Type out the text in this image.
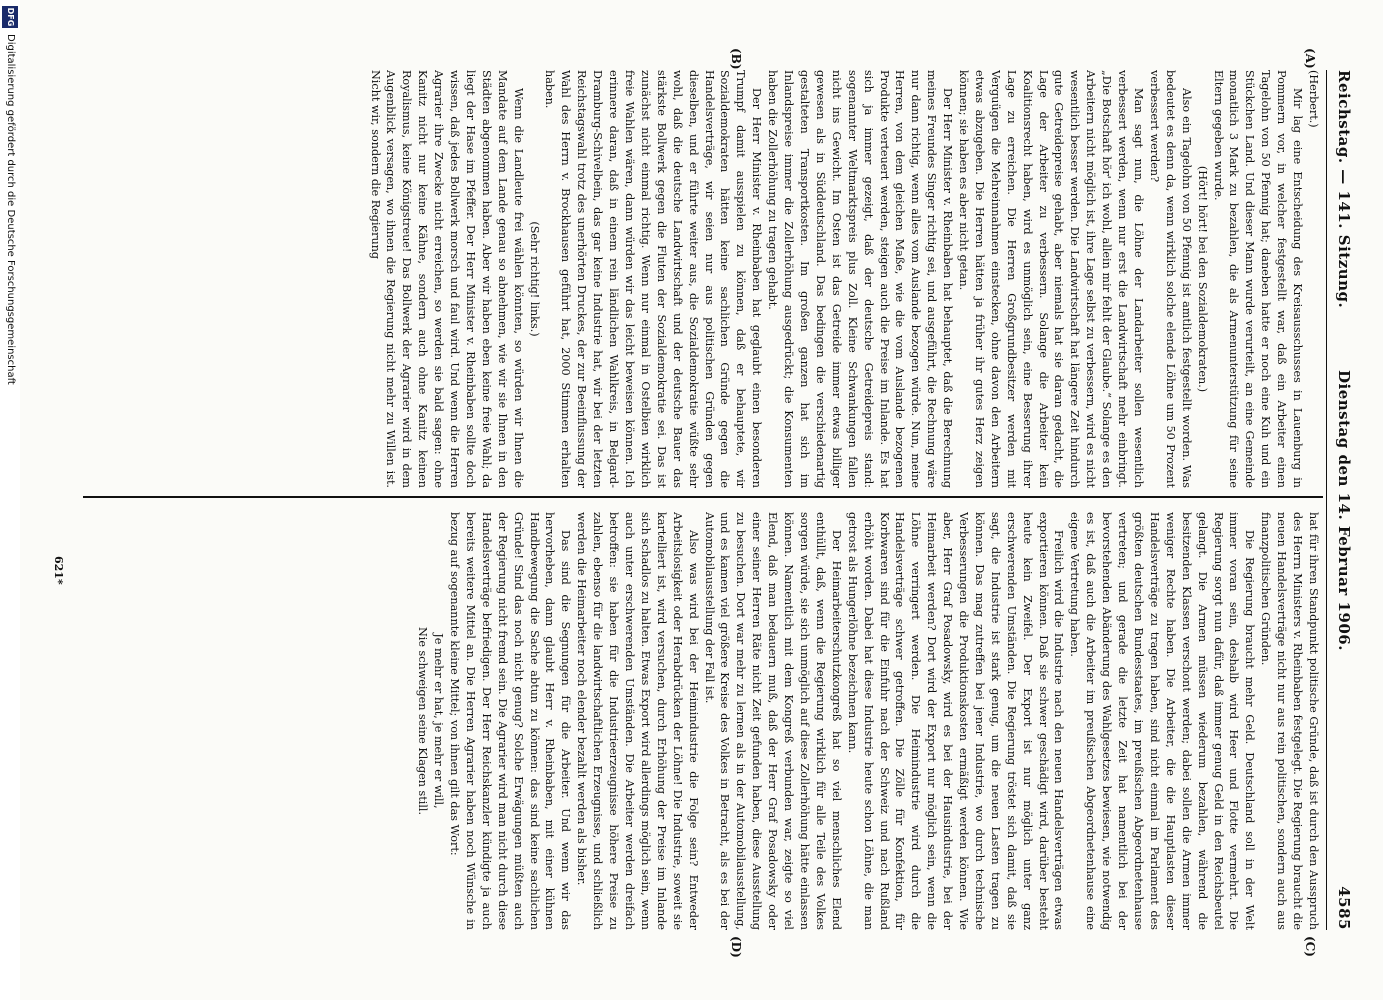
Reichstag. — 141. Sitzung.
Dienstag den 14. Februar 1906.
4585
(A)
(B)
(C)
(D)

(Herbert.)

Mir lag eine Entscheidung des Kreisausschusses in Lauenburg in Pommern vor, in welcher festgestellt war, daß ein Arbeiter einen Tagelohn von 50 Pfennig hat; daneben hatte er noch eine Kuh und ein Stückchen Land. Und dieser Mann wurde verurteilt, an eine Gemeinde monatlich 3 Mark zu bezahlen, die als Armenunterstützung für seine Eltern gegeben wurde.

(Hört! hört! bei den Sozialdemokraten.)

Also ein Tagelohn von 50 Pfennig ist amtlich festgestellt worden. Was bedeutet es denn da, wenn wirklich solche elende Löhne um 50 Prozent verbessert werden?

Man sagt nun, die Löhne der Landarbeiter sollen wesentlich verbessert werden, wenn nur erst die Landwirtschaft mehr einbringt. „Die Botschaft hör' ich wohl, allein mir fehlt der Glaube.“ Solange es den Arbeitern nicht möglich ist, ihre Lage selbst zu verbessern, wird es nicht wesentlich besser werden. Die Landwirtschaft hat längere Zeit hindurch gute Getreidepreise gehabt, aber niemals hat sie daran gedacht, die Lage der Arbeiter zu verbessern. Solange die Arbeiter kein Koalitionsrecht haben, wird es unmöglich sein, eine Besserung ihrer Lage zu erreichen. Die Herren Großgrundbesitzer werden mit Verguügen die Mehreinnahmen einstecken, ohne davon den Arbeitern etwas abzugeben. Die Herren hätten ja früher ihr gutes Herz zeigen können; sie haben es aber nicht getan.

Der Herr Minister v. Rheinbaben hat behauptet, daß die Berechnung meines Freundes Singer richtig sei, und ausgeführt, die Rechnung wäre nur dann richtig, wenn alles vom Auslande bezogen würde. Nun, meine Herren, von dem gleichen Maße, wie die vom Auslande bezogenen Produkte verteuert werden, steigen auch die Preise im Inlande. Es hat sich ja immer gezeigt, daß der deutsche Getreidepreis stand: sogenannter Weltmarktspreis plus Zoll. Kleine Schwankungen fallen nicht ins Gewicht. Im Osten ist das Getreide immer etwas billiger gewesen als in Süddeutschland. Das bedingen die verschiedenartig gestalteten Transportkosten. Im großen ganzen hat sich im Inlandspreise immer die Zollerhöhung ausgedrückt; die Konsumenten haben die Zollerhöhung zu tragen gehabt.

Der Herr Minister v. Rheinbaben hat geglaubt einen besonderen Trumpf damit ausspielen zu können, daß er behauptete, wir Sozialdemokraten hätten keine sachlichen Gründe gegen die Handelsverträge, wir seien nur aus politischen Gründen gegen dieselben, und er führte weiter aus, die Sozialdemokratie wüßte sehr wohl, daß die deutsche Landwirtschaft und der deutsche Bauer das stärkste Bollwerk gegen die Fluten der Sozialdemokratie sei. Das ist zunächst nicht einmal richtig. Wenn nur einmal in Ostelbien wirklich freie Wahlen wären, dann würden wir das leicht beweisen können. Ich erinnere daran, daß in einem rein ländlichen Wahlkreis, in Belgard-Dramburg-Schivelbein, das gar keine Industrie hat, wir bei der letzten Reichstagswahl trotz des unerhörten Druckes, der zur Beeinflussung der Wahl des Herrn v. Brockhausen geführt hat, 2000 Stimmen erhalten haben.

(Sehr richtig! links.)

Wenn die Landleute frei wählen könnten, so würden wir Ihnen die Mandate auf dem Lande genau so abnehmen, wie wir sie Ihnen in den Städten abgenommen haben. Aber wir haben eben keine freie Wahl; da liegt der Hase im Pfeffer. Der Herr Minister v. Rheinbaben sollte doch wissen, daß jedes Bollwerk morsch und faul wird. Und wenn die Herren Agrarier ihre Zwecke nicht erreichen, so werden sie bald sagen: ohne Kanitz nicht nur keine Kähne, sondern auch ohne Kanitz keinen Royalismus, keine Königstreue! Das Bollwerk der Agrarier wird in dem Augenblick versagen, wo ihnen die Regierung nicht mehr zu Willen ist. Nicht wir, sondern die Regierung

hat für ihren Standpunkt politische Gründe, daß ist durch den Ausspruch des Herrn Ministers v. Rheinbaben festgelegt. Die Regierung braucht die neuen Handelsverträge nicht nur aus rein politischen, sondern auch aus finanzpolitischen Gründen.

Die Regierung braucht mehr Geld. Deutschland soll in der Welt immer voran sein, deshalb wird Heer und Flotte vermehrt. Die Regierung sorgt nun dafür, daß immer genug Geld in den Reichsbeutel gelangt. Die Armen müssen wiederum bezahlen, während die besitzenden Klassen verschont werden; dabei sollen die Armen immer weniger Rechte haben. Die Arbeiter, die die Hauptlasten dieser Handelsverträge zu tragen haben, sind nicht einmal im Parlament des größten deutschen Bundesstaates, im preußischen Abgeordnetenhause vertreten; und gerade die letzte Zeit hat namentlich bei der bevorstehenden Abänderung des Wahlgesetzes bewiesen, wie notwendig es ist, daß auch die Arbeiter im preußischen Abgeordnetenhause eine eigene Vertretung haben.

Freilich wird die Industrie nach den neuen Handelsverträgen etwas exportieren können. Daß sie schwer geschädigt wird, darüber besteht heute kein Zweifel. Der Export ist nur möglich unter ganz erschwerenden Umständen. Die Regierung tröstet sich damit, daß sie sagt, die Industrie ist stark genug, um die neuen Lasten tragen zu können. Das mag zutreffen bei jener Industrie, wo durch technische Verbesserungen die Produktionskosten ermäßigt werden können. Wie aber, Herr Graf Posadowsky, wird es bei der Hausindustrie, bei der Heimarbeit werden? Dort wird der Export nur möglich sein, wenn die Löhne verringert werden. Die Heimindustrie wird durch die Handelsverträge schwer getroffen. Die Zölle für Konfektion, für Korbwaren sind für die Einfuhr nach der Schweiz und nach Rußland erhöht worden. Dabei hat diese Industrie heute schon Löhne, die man getrost als Hungerlöhne bezeichnen kann.

Der Heimarbeiterschutzkongreß hat so viel menschliches Elend enthüllt, daß, wenn die Regierung wirklich für alle Teile des Volkes sorgen würde, sie sich unmöglich auf diese Zollerhöhung hätte einlassen können. Namentlich mit dem Kongreß verbunden war, zeigte so viel Elend, daß man bedauern muß, daß der Herr Graf Posadowsky oder einer seiner Herren Räte nicht Zeit gefunden haben, diese Ausstellung zu besuchen. Dort war mehr zu lernen als in der Automobilausstellung, und es kamen viel größere Kreise des Volkes in Betracht, als es bei der Automobilausstellung der Fall ist.

Also was wird bei der Heimindustrie die Folge sein? Entweder Arbeitslosigkeit oder Herabdrücken der Löhne! Die Industrie, soweit sie kartelliert ist, wird versuchen, durch Erhöhung der Preise im Inlande sich schadlos zu halten. Etwas Export wird allerdings möglich sein, wenn auch unter erschwerenden Umständen. Die Arbeiter werden dreifach betroffen: sie haben für die Industrieerzeugnisse höhere Preise zu zahlen, ebenso für die landwirtschaftlichen Erzeugnisse, und schließlich werden die Heimarbeiter noch elender bezahlt werden als bisher.

Das sind die Segnungen für die Arbeiter. Und wenn wir das hervorheben, dann glaubt Herr v. Rheinbaben, mit einer kühnen Handbewegung die Sache abtun zu können: das sind keine sachlichen Gründe! Sind das noch nicht genug? Solche Erwägungen müßten auch der Regierung nicht fremd sein. Die Agrarier wird man nicht durch diese Handelsverträge befriedigen. Der Herr Reichskanzler kündigte ja auch bereits weitere Mittel an. Die Herren Agrarier haben noch Wünsche in bezug auf sogenannte kleine Mittel; von ihnen gilt das Wort:

Je mehr er hat, je mehr er will,

Nie schweigen seine Klagen still.

621*
Digitalisierung gefördert durch die Deutsche Forschungsgemeinschaft
DFG
